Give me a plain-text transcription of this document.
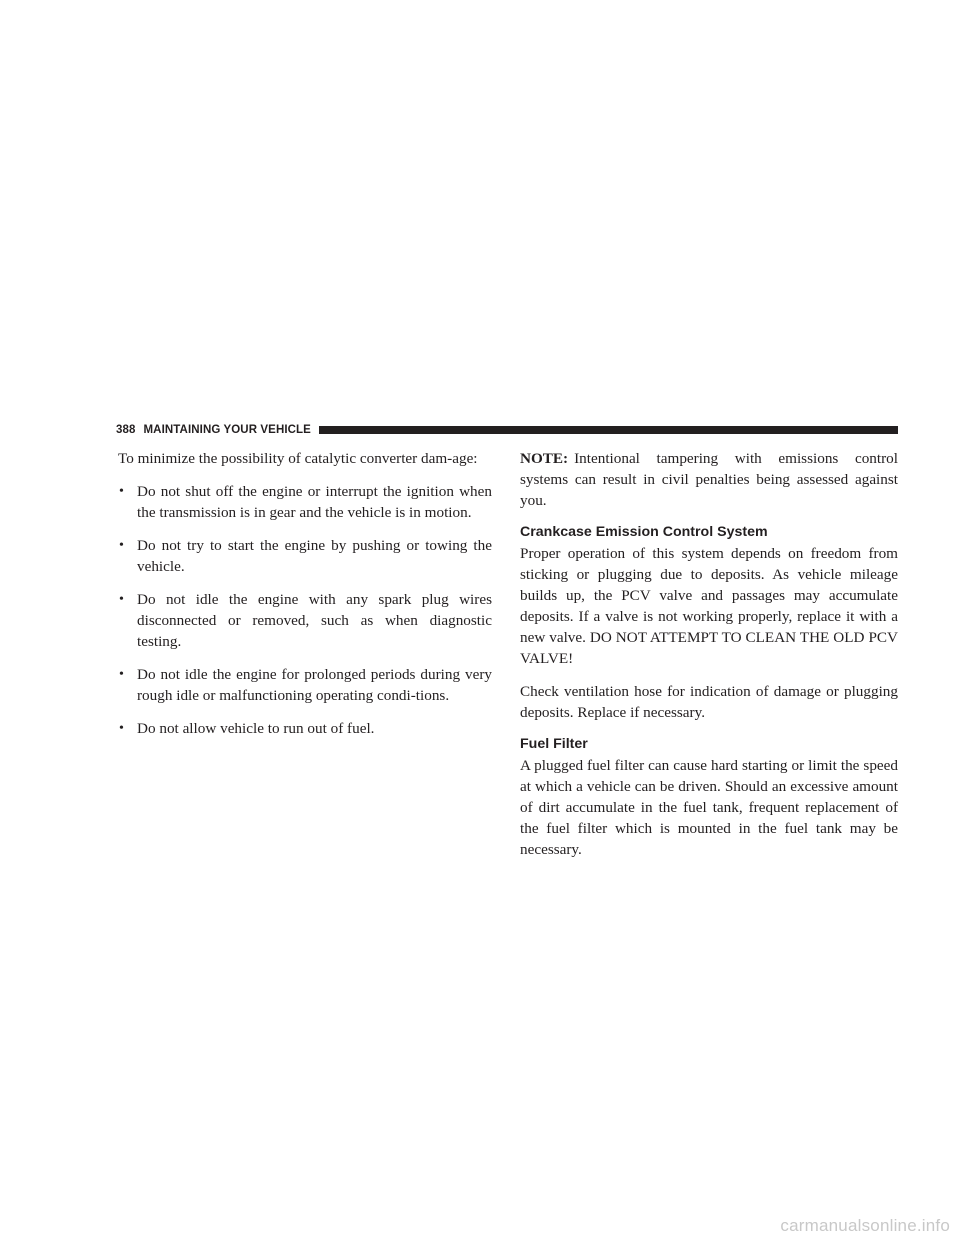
388 MAINTAINING YOUR VEHICLE

To minimize the possibility of catalytic converter dam-age:

• Do not shut off the engine or interrupt the ignition when the transmission is in gear and the vehicle is in motion.
• Do not try to start the engine by pushing or towing the vehicle.
• Do not idle the engine with any spark plug wires disconnected or removed, such as when diagnostic testing.
• Do not idle the engine for prolonged periods during very rough idle or malfunctioning operating condi-tions.
• Do not allow vehicle to run out of fuel.

NOTE: Intentional tampering with emissions control systems can result in civil penalties being assessed against you.

Crankcase Emission Control System

Proper operation of this system depends on freedom from sticking or plugging due to deposits. As vehicle mileage builds up, the PCV valve and passages may accumulate deposits. If a valve is not working properly, replace it with a new valve. DO NOT ATTEMPT TO CLEAN THE OLD PCV VALVE!

Check ventilation hose for indication of damage or plugging deposits. Replace if necessary.

Fuel Filter

A plugged fuel filter can cause hard starting or limit the speed at which a vehicle can be driven. Should an excessive amount of dirt accumulate in the fuel tank, frequent replacement of the fuel filter which is mounted in the fuel tank may be necessary.

carmanualsonline.info
